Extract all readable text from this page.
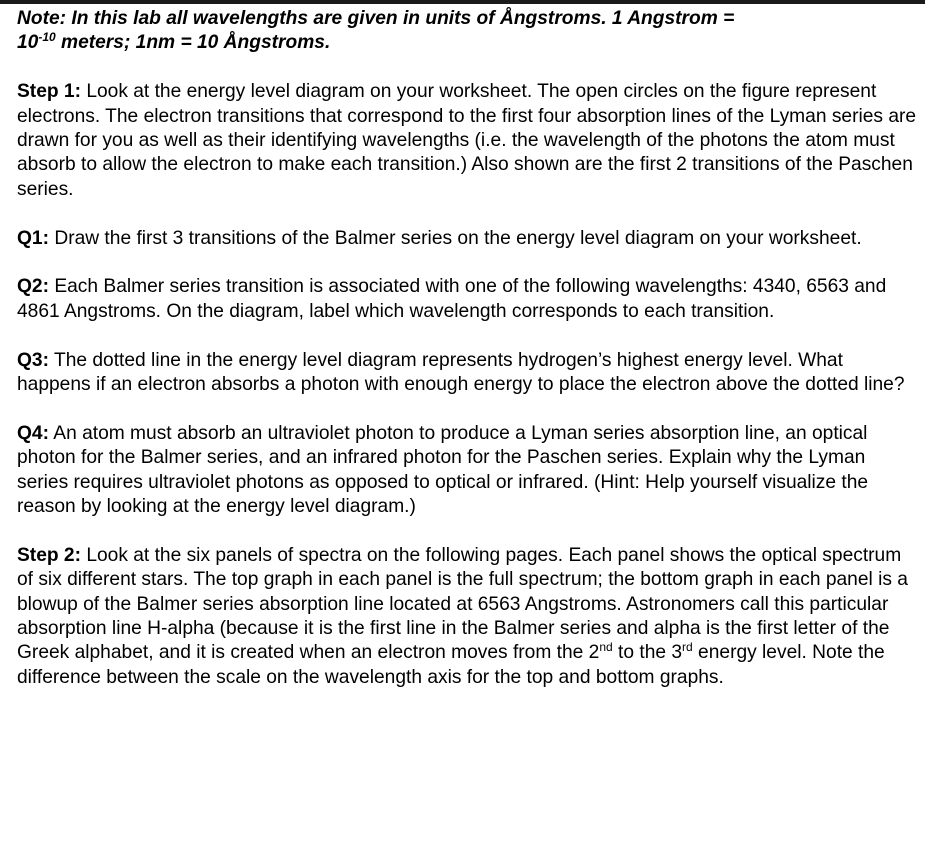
Note: In this lab all wavelengths are given in units of Ångstroms. 1 Angstrom =
$10^{-10}$ meters; 1nm = 10 Ångstroms.

Step 1: Look at the energy level diagram on your worksheet. The open circles on the figure represent electrons. The electron transitions that correspond to the first four absorption lines of the Lyman series are drawn for you as well as their identifying wavelengths (i.e. the wavelength of the photons the atom must absorb to allow the electron to make each transition.) Also shown are the first 2 transitions of the Paschen series.

Q1: Draw the first 3 transitions of the Balmer series on the energy level diagram on your worksheet.

Q2: Each Balmer series transition is associated with one of the following wavelengths: 4340, 6563 and 4861 Angstroms. On the diagram, label which wavelength corresponds to each transition.

Q3: The dotted line in the energy level diagram represents hydrogen’s highest energy level. What happens if an electron absorbs a photon with enough energy to place the electron above the dotted line?

Q4: An atom must absorb an ultraviolet photon to produce a Lyman series absorption line, an optical photon for the Balmer series, and an infrared photon for the Paschen series. Explain why the Lyman series requires ultraviolet photons as opposed to optical or infrared. (Hint: Help yourself visualize the reason by looking at the energy level diagram.)

Step 2: Look at the six panels of spectra on the following pages. Each panel shows the optical spectrum of six different stars. The top graph in each panel is the full spectrum; the bottom graph in each panel is a blowup of the Balmer series absorption line located at 6563 Angstroms. Astronomers call this particular absorption line H-alpha (because it is the first line in the Balmer series and alpha is the first letter of the Greek alphabet, and it is created when an electron moves from the 2nd to the 3rd energy level. Note the difference between the scale on the wavelength axis for the top and bottom graphs.
